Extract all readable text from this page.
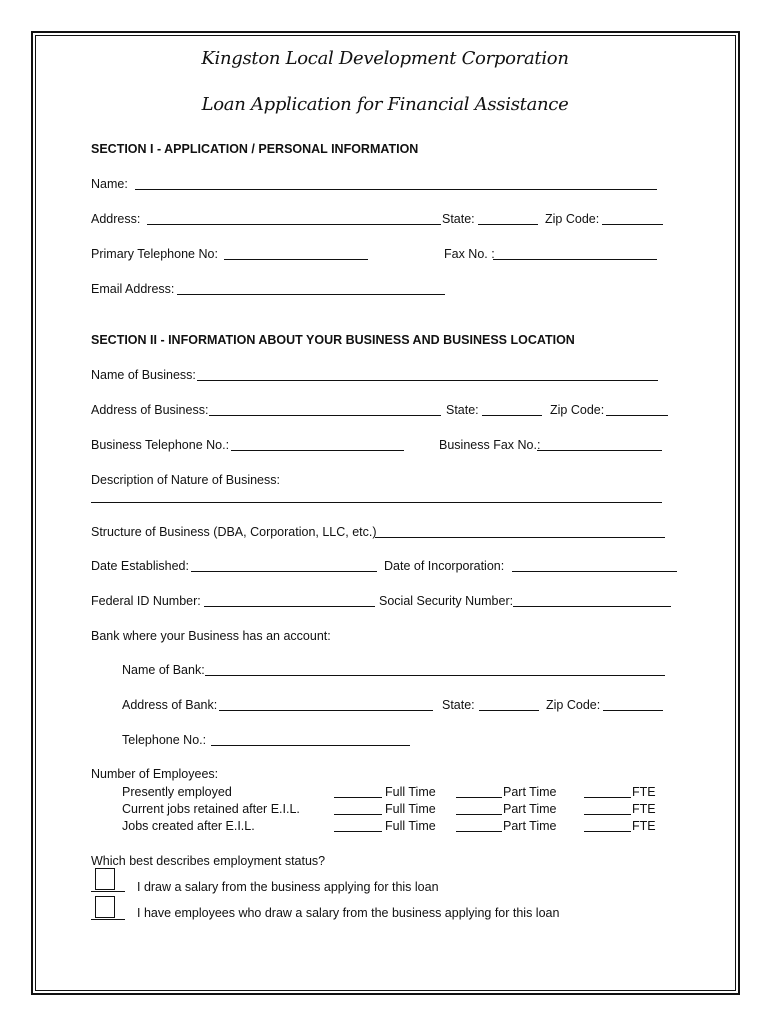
Kingston Local Development Corporation
Loan Application for Financial Assistance
SECTION I - APPLICATION / PERSONAL INFORMATION
Name:
Address:	State:	Zip Code:
Primary Telephone No:	Fax No. :
Email Address:
SECTION II - INFORMATION ABOUT YOUR BUSINESS AND BUSINESS LOCATION
Name of Business:
Address of Business:	State:	Zip Code:
Business Telephone No.:	Business Fax No.:
Description of Nature of Business:
Structure of Business (DBA, Corporation, LLC, etc.)
Date Established:	Date of Incorporation:
Federal ID Number:	Social Security Number:
Bank where your Business has an account:
Name of Bank:
Address of Bank:	State:	Zip Code:
Telephone No.:
Number of Employees:
Presently employed	Full Time	Part Time	FTE
Current jobs retained after E.I.L.	Full Time	Part Time	FTE
Jobs created after E.I.L.	Full Time	Part Time	FTE
Which best describes employment status?
I draw a salary from the business applying for this loan
I have employees who draw a salary from the business applying for this loan
